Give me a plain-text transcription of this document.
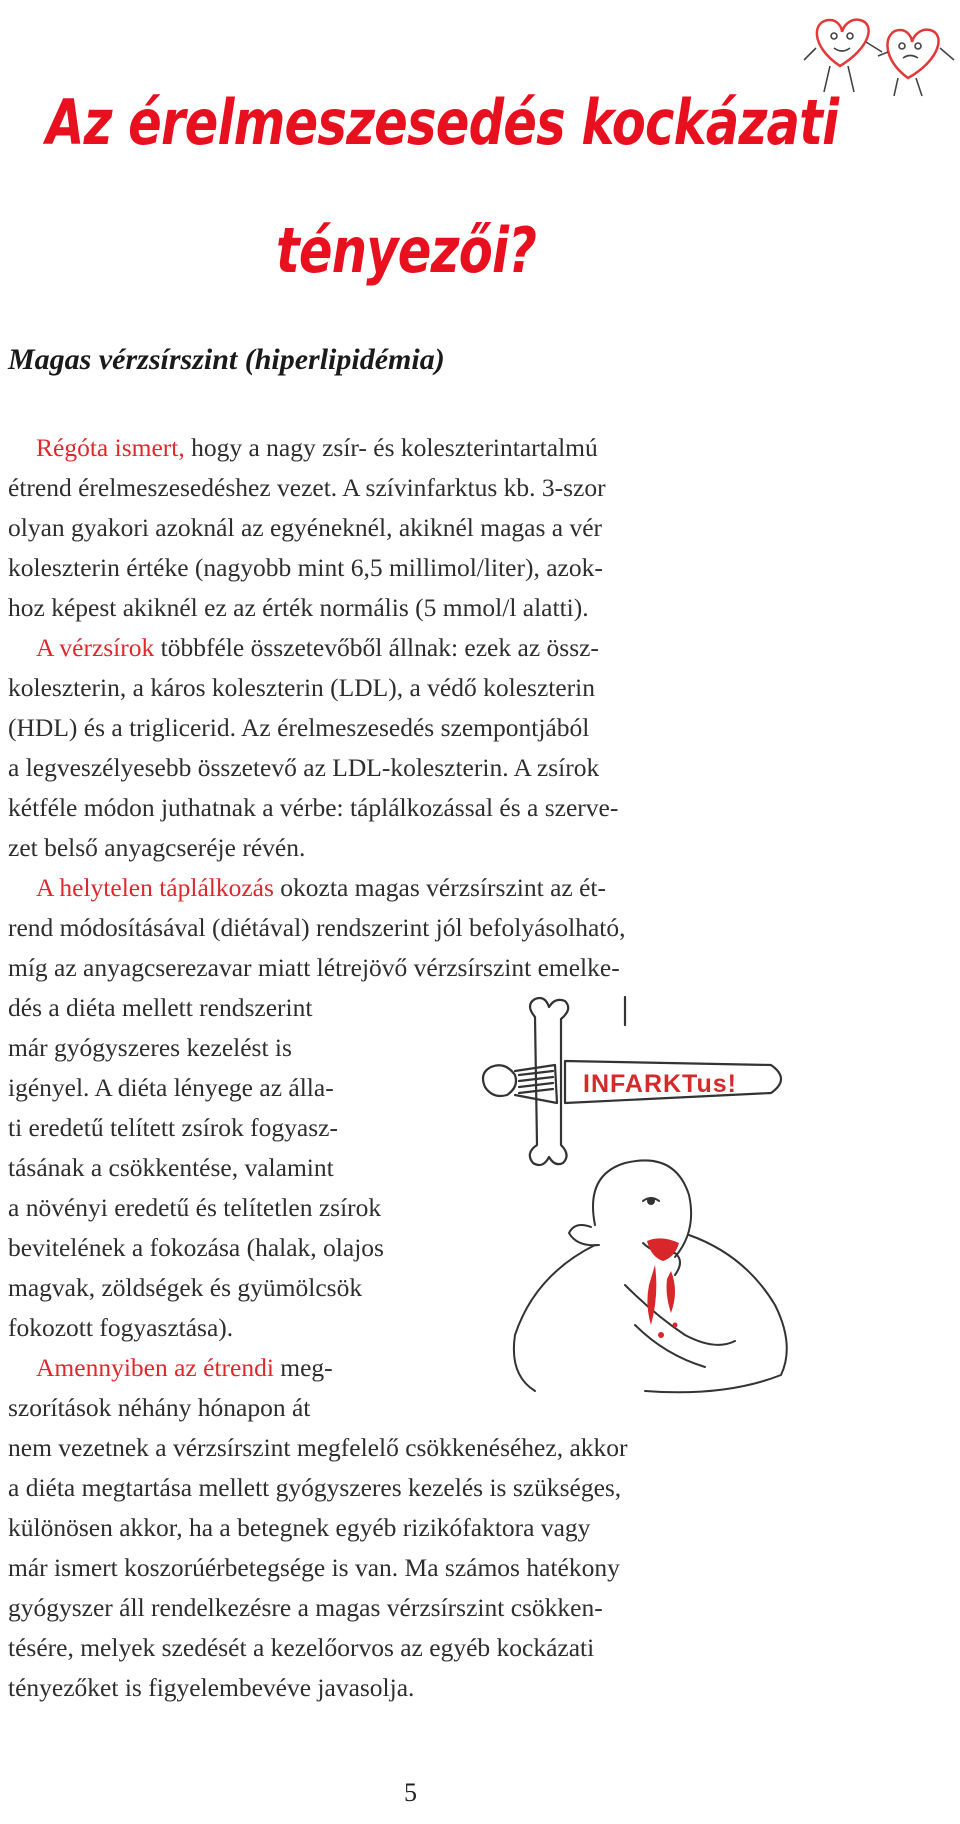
Az érelmeszesedés kockázati
tényezői?
Magas vérzsírszint (hiperlipidémia)
Régóta ismert, hogy a nagy zsír- és koleszterintartalmú
étrend érelmeszesedéshez vezet. A szívinfarktus kb. 3-szor
olyan gyakori azoknál az egyéneknél, akiknél magas a vér
koleszterin értéke (nagyobb mint 6,5 millimol/liter), azok-
hoz képest akiknél ez az érték normális (5 mmol/l alatti).
A vérzsírok többféle összetevőből állnak: ezek az össz-
koleszterin, a káros koleszterin (LDL), a védő koleszterin
(HDL) és a triglicerid. Az érelmeszesedés szempontjából
a legveszélyesebb összetevő az LDL-koleszterin. A zsírok
kétféle módon juthatnak a vérbe: táplálkozással és a szerve-
zet belső anyagcseréje révén.
A helytelen táplálkozás okozta magas vérzsírszint az ét-
rend módosításával (diétával) rendszerint jól befolyásolható,
míg az anyagcserezavar miatt létrejövő vérzsírszint emelke-
dés a diéta mellett rendszerint
már gyógyszeres kezelést is
igényel. A diéta lényege az álla-
ti eredetű telített zsírok fogyasz-
tásának a csökkentése, valamint
a növényi eredetű és telítetlen zsírok
bevitelének a fokozása (halak, olajos
magvak, zöldségek és gyümölcsök
fokozott fogyasztása).
Amennyiben az étrendi meg-
szorítások néhány hónapon át
nem vezetnek a vérzsírszint megfelelő csökkenéséhez, akkor
a diéta megtartása mellett gyógyszeres kezelés is szükséges,
különösen akkor, ha a betegnek egyéb rizikófaktora vagy
már ismert koszorúérbetegsége is van. Ma számos hatékony
gyógyszer áll rendelkezésre a magas vérzsírszint csökken-
tésére, melyek szedését a kezelőorvos az egyéb kockázati
tényezőket is figyelembevéve javasolja.
INFARKTus!
5
